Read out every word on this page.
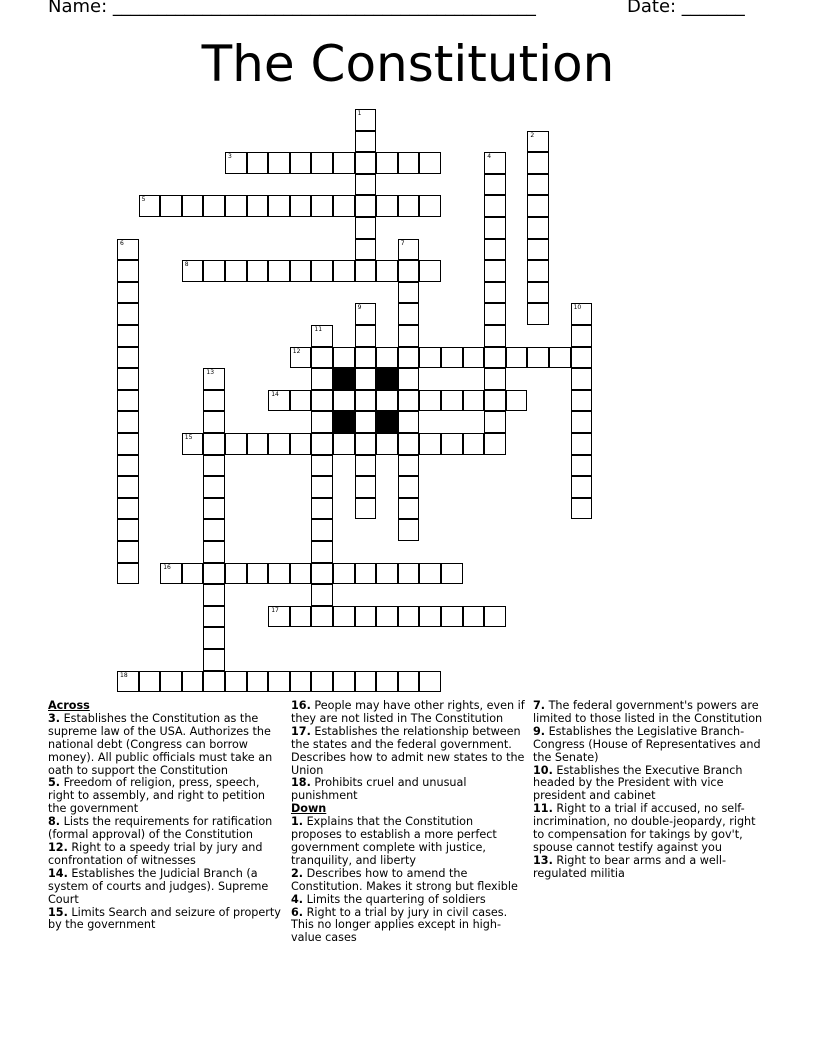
Name: _______________________________________________	Date: _______
The Constitution
1
2
3	4
5
6	7
8
9	10
11
12
13
14
15
16
17
18
Across

3. Establishes the Constitution as the supreme law of the USA. Authorizes the national debt (Congress can borrow money). All public officials must take an oath to support the Constitution

5. Freedom of religion, press, speech, right to assembly, and right to petition the government

8. Lists the requirements for ratification (formal approval) of the Constitution

12. Right to a speedy trial by jury and confrontation of witnesses

14. Establishes the Judicial Branch (a system of courts and judges). Supreme Court

15. Limits Search and seizure of property by the government

16. People may have other rights, even if they are not listed in The Constitution

17. Establishes the relationship between the states and the federal government. Describes how to admit new states to the Union

18. Prohibits cruel and unusual punishment

Down

1. Explains that the Constitution proposes to establish a more perfect government complete with justice, tranquility, and liberty

2. Describes how to amend the Constitution. Makes it strong but flexible

4. Limits the quartering of soldiers

6. Right to a trial by jury in civil cases. This no longer applies except in high-value cases

7. The federal government's powers are limited to those listed in the Constitution

9. Establishes the Legislative Branch-Congress (House of Representatives and the Senate)

10. Establishes the Executive Branch headed by the President with vice president and cabinet

11. Right to a trial if accused, no self-incrimination, no double-jeopardy, right to compensation for takings by gov't, spouse cannot testify against you

13. Right to bear arms and a well-regulated militia
